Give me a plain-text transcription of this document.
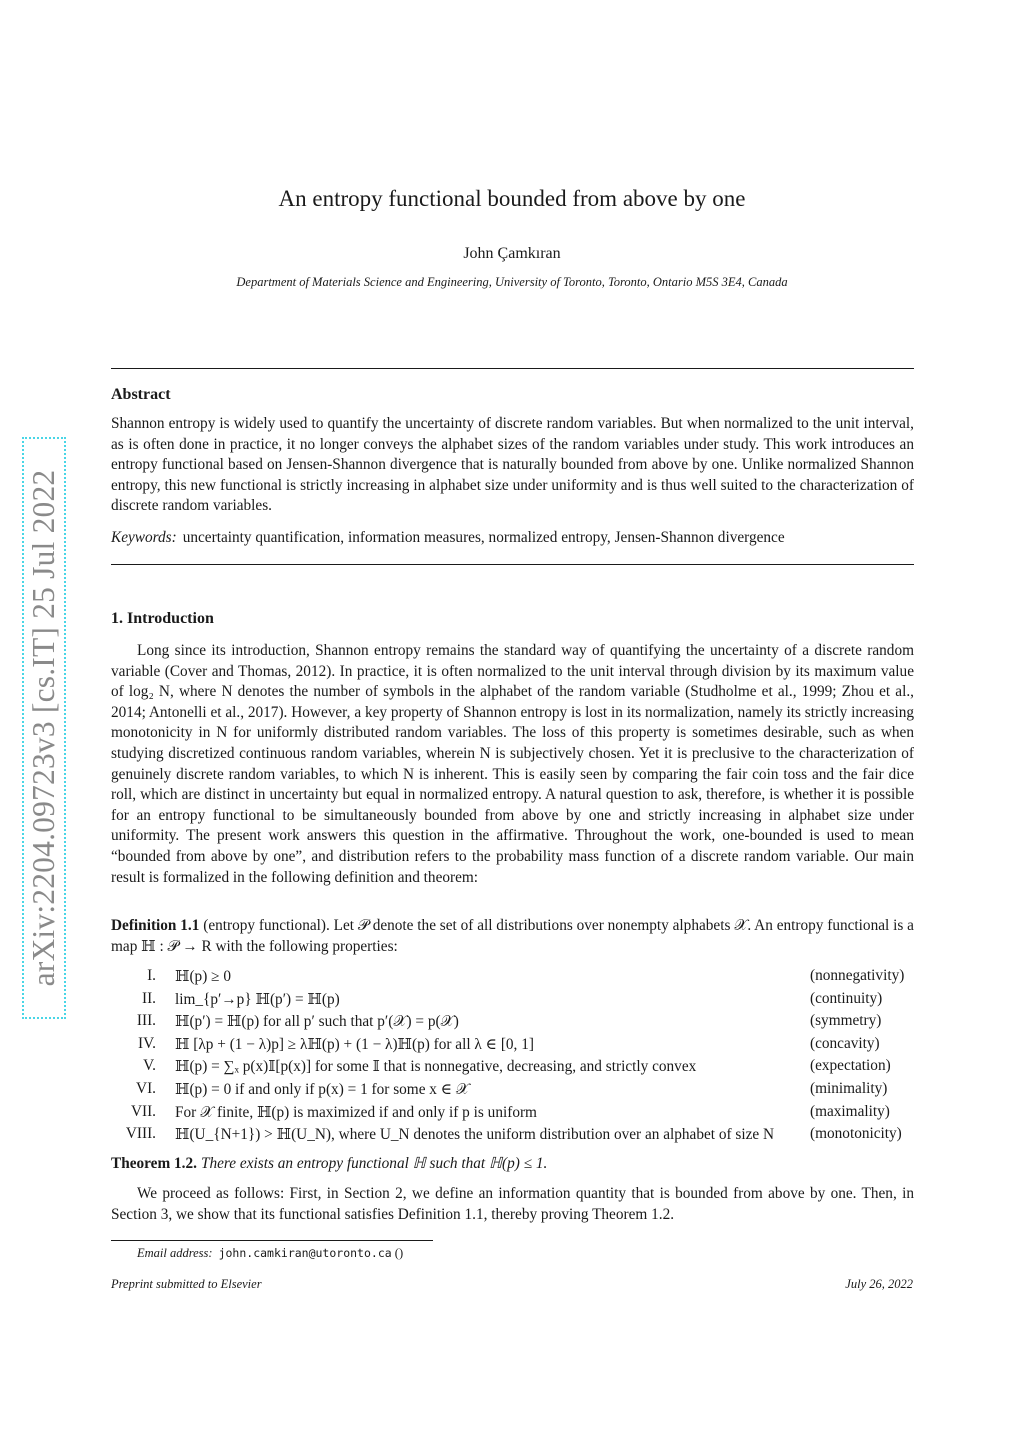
arXiv:2204.09723v3 [cs.IT] 25 Jul 2022
An entropy functional bounded from above by one
John Çamkıran
Department of Materials Science and Engineering, University of Toronto, Toronto, Ontario M5S 3E4, Canada
Abstract

Shannon entropy is widely used to quantify the uncertainty of discrete random variables. But when normalized to the unit interval, as is often done in practice, it no longer conveys the alphabet sizes of the random variables under study. This work introduces an entropy functional based on Jensen-Shannon divergence that is naturally bounded from above by one. Unlike normalized Shannon entropy, this new functional is strictly increasing in alphabet size under uniformity and is thus well suited to the characterization of discrete random variables.

Keywords: uncertainty quantification, information measures, normalized entropy, Jensen-Shannon divergence
1. Introduction

Long since its introduction, Shannon entropy remains the standard way of quantifying the uncertainty of a discrete random variable (Cover and Thomas, 2012). In practice, it is often normalized to the unit interval through division by its maximum value of log₂ N, where N denotes the number of symbols in the alphabet of the random variable (Studholme et al., 1999; Zhou et al., 2014; Antonelli et al., 2017). However, a key property of Shannon entropy is lost in its normalization, namely its strictly increasing monotonicity in N for uniformly distributed random variables. The loss of this property is sometimes desirable, such as when studying discretized continuous random variables, wherein N is subjectively chosen. Yet it is preclusive to the characterization of genuinely discrete random variables, to which N is inherent. This is easily seen by comparing the fair coin toss and the fair dice roll, which are distinct in uncertainty but equal in normalized entropy. A natural question to ask, therefore, is whether it is possible for an entropy functional to be simultaneously bounded from above by one and strictly increasing in alphabet size under uniformity. The present work answers this question in the affirmative. Throughout the work, one-bounded is used to mean “bounded from above by one”, and distribution refers to the probability mass function of a discrete random variable. Our main result is formalized in the following definition and theorem:

Definition 1.1 (entropy functional). Let 𝒫 denote the set of all distributions over nonempty alphabets 𝒳. An entropy functional is a map ℍ : 𝒫 → R with the following properties:

I. ℍ(p) ≥ 0	(nonnegativity)
II. lim_{p′→p} ℍ(p′) = ℍ(p)	(continuity)
III. ℍ(p′) = ℍ(p) for all p′ such that p′(𝒳) = p(𝒳)	(symmetry)
IV. ℍ [λp + (1 − λ)p] ≥ λℍ(p) + (1 − λ)ℍ(p) for all λ ∈ [0, 1]	(concavity)
V. ℍ(p) = ∑ₓ p(x)𝕀[p(x)] for some 𝕀 that is nonnegative, decreasing, and strictly convex	(expectation)
VI. ℍ(p) = 0 if and only if p(x) = 1 for some x ∈ 𝒳	(minimality)
VII. For 𝒳 finite, ℍ(p) is maximized if and only if p is uniform	(maximality)
VIII. ℍ(U_{N+1}) > ℍ(U_N), where U_N denotes the uniform distribution over an alphabet of size N (monotonicity)
Theorem 1.2. There exists an entropy functional ℍ such that ℍ(p) ≤ 1.

We proceed as follows: First, in Section 2, we define an information quantity that is bounded from above by one. Then, in Section 3, we show that its functional satisfies Definition 1.1, thereby proving Theorem 1.2.

Email address: john.camkiran@utoronto.ca ()
Preprint submitted to Elsevier	July 26, 2022
